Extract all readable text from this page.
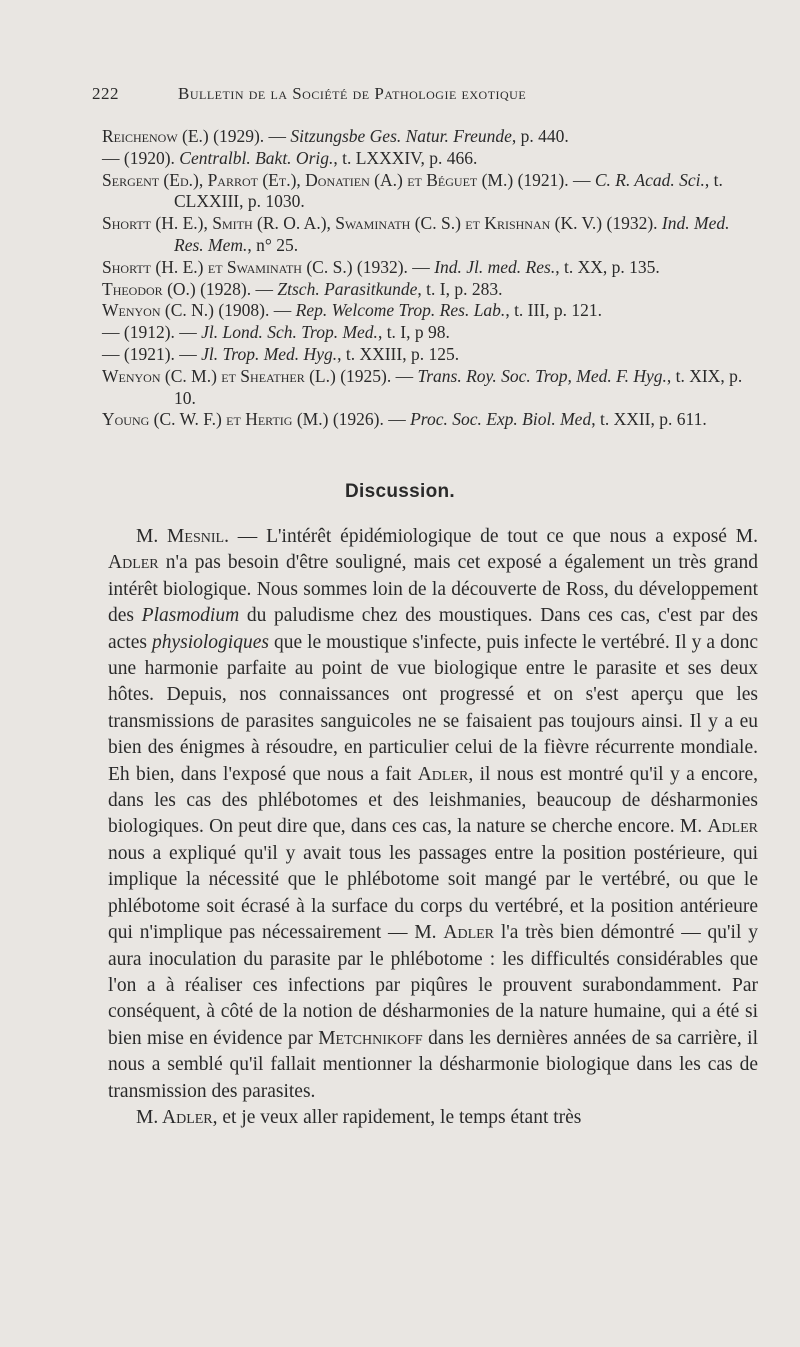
222	Bulletin de la Société de Pathologie exotique
Reichenow (E.) (1929). — Sitzungsbe Ges. Natur. Freunde, p. 440.
— (1920). Centralbl. Bakt. Orig., t. LXXXIV, p. 466.
Sergent (Ed.), Parrot (Et.), Donatien (A.) et Béguet (M.) (1921). — C. R. Acad. Sci., t. CLXXIII, p. 1030.
Shortt (H. E.), Smith (R. O. A.), Swaminath (C. S.) et Krishnan (K. V.) (1932). Ind. Med. Res. Mem., n° 25.
Shortt (H. E.) et Swaminath (C. S.) (1932). — Ind. Jl. med. Res., t. XX, p. 135.
Theodor (O.) (1928). — Ztsch. Parasitkunde, t. I, p. 283.
Wenyon (C. N.) (1908). — Rep. Welcome Trop. Res. Lab., t. III, p. 121.
— (1912). — Jl. Lond. Sch. Trop. Med., t. I, p 98.
— (1921). — Jl. Trop. Med. Hyg., t. XXIII, p. 125.
Wenyon (C. M.) et Sheather (L.) (1925). — Trans. Roy. Soc. Trop, Med. F. Hyg., t. XIX, p. 10.
Young (C. W. F.) et Hertig (M.) (1926). — Proc. Soc. Exp. Biol. Med, t. XXII, p. 611.
Discussion.

M. Mesnil. — L'intérêt épidémiologique de tout ce que nous a exposé M. Adler n'a pas besoin d'être souligné, mais cet exposé a également un très grand intérêt biologique. Nous sommes loin de la découverte de Ross, du développement des Plasmodium du paludisme chez des moustiques. Dans ces cas, c'est par des actes physiologiques que le moustique s'infecte, puis infecte le vertébré. Il y a donc une harmonie parfaite au point de vue biologique entre le parasite et ses deux hôtes. Depuis, nos connaissances ont progressé et on s'est aperçu que les transmissions de parasites sanguicoles ne se faisaient pas toujours ainsi. Il y a eu bien des énigmes à résoudre, en particulier celui de la fièvre récurrente mondiale. Eh bien, dans l'exposé que nous a fait Adler, il nous est montré qu'il y a encore, dans les cas des phlébotomes et des leishmanies, beaucoup de désharmonies biologiques. On peut dire que, dans ces cas, la nature se cherche encore. M. Adler nous a expliqué qu'il y avait tous les passages entre la position postérieure, qui implique la nécessité que le phlébotome soit mangé par le vertébré, ou que le phlébotome soit écrasé à la surface du corps du vertébré, et la position antérieure qui n'implique pas nécessairement — M. Adler l'a très bien démontré — qu'il y aura inoculation du parasite par le phlébotome : les difficultés considérables que l'on a à réaliser ces infections par piqûres le prouvent surabondamment. Par conséquent, à côté de la notion de désharmonies de la nature humaine, qui a été si bien mise en évidence par Metchnikoff dans les dernières années de sa carrière, il nous a semblé qu'il fallait mentionner la désharmonie biologique dans les cas de transmission des parasites.

M. Adler, et je veux aller rapidement, le temps étant très
